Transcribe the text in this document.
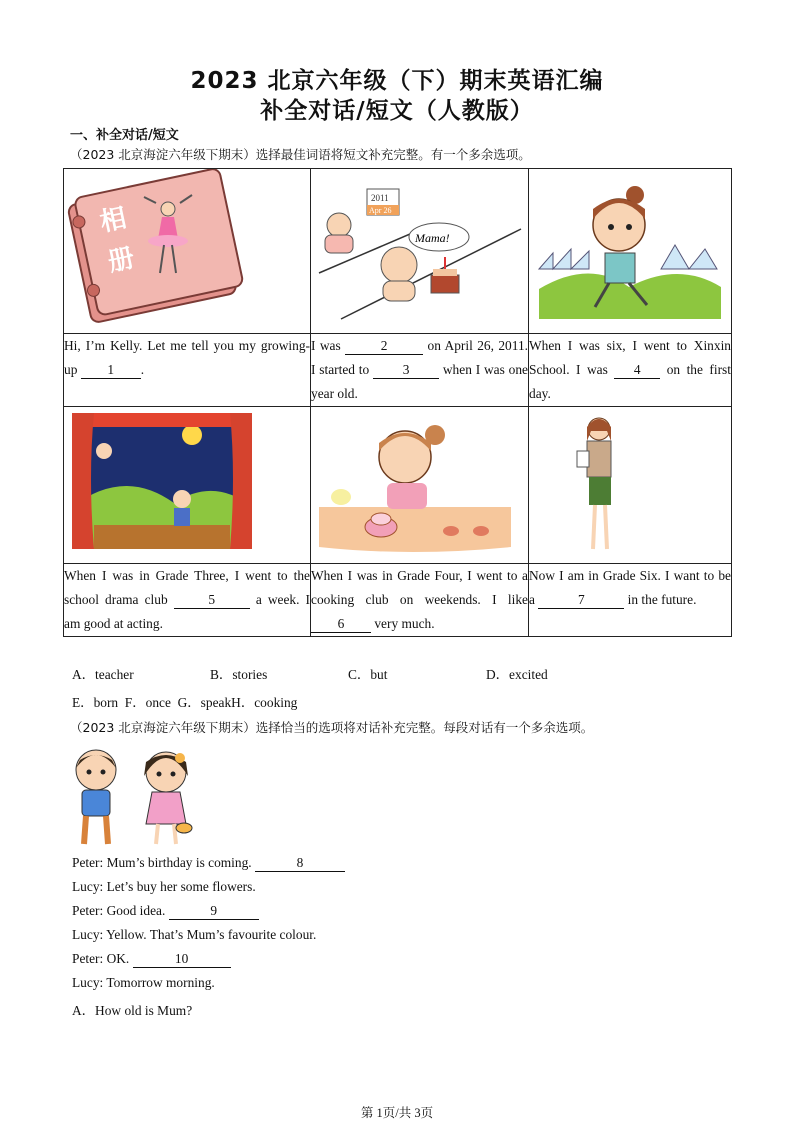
2023 北京六年级（下）期末英语汇编
补全对话/短文（人教版）
一、补全对话/短文
（2023 北京海淀六年级下期末）选择最佳词语将短文补充完整。有一个多余选项。
相
册	2011
Apr 26
Mama!

Hi, I’m Kelly. Let me tell you my growing-up 1 .	I was 2 on April 26, 2011. I started to 3 when I was one year old.	When I was six, I went to Xinxin School. I was 4 on the first day.

When I was in Grade Three, I went to the school drama club 5 a week. I am good at acting.	When I was in Grade Four, I went to a cooking club on weekends. I like 6 very much.	Now I am in Grade Six. I want to be a 7 in the future.
A．teacher	B．stories	C．but	D．excited
E．born  F．once  G．speakH．cooking
（2023 北京海淀六年级下期末）选择恰当的选项将对话补充完整。每段对话有一个多余选项。
Peter: Mum’s birthday is coming.	8
Lucy: Let’s buy her some flowers.
Peter: Good idea.	9
Lucy: Yellow. That’s Mum’s favourite colour.
Peter: OK.	10
Lucy: Tomorrow morning.
A．How old is Mum?
第 1页/共 3页
